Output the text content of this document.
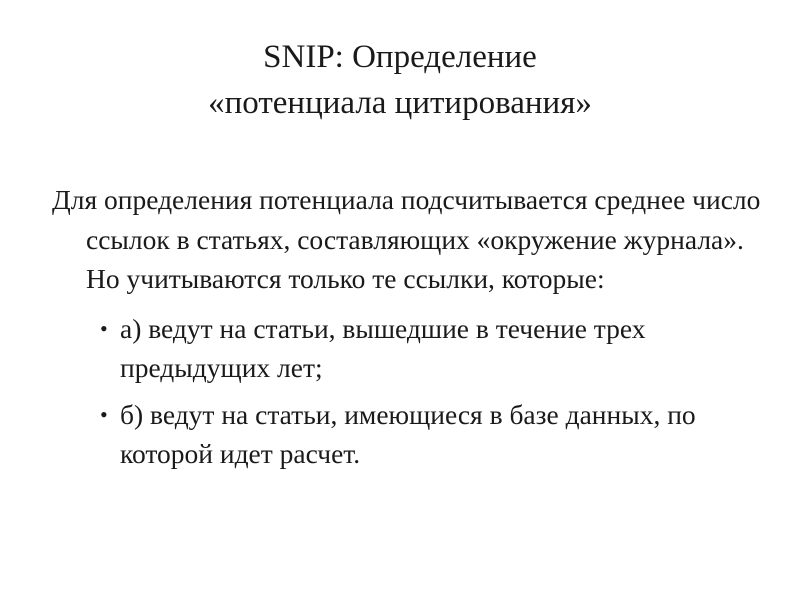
SNIP: Определение
«потенциала цитирования»

Для определения потенциала подсчитывается среднее число ссылок в статьях, составляющих «окружение журнала». Но учитываются только те ссылки, которые:

• а) ведут на статьи, вышедшие в течение трех предыдущих лет;
• б) ведут на статьи, имеющиеся в базе данных, по которой идет расчет.
